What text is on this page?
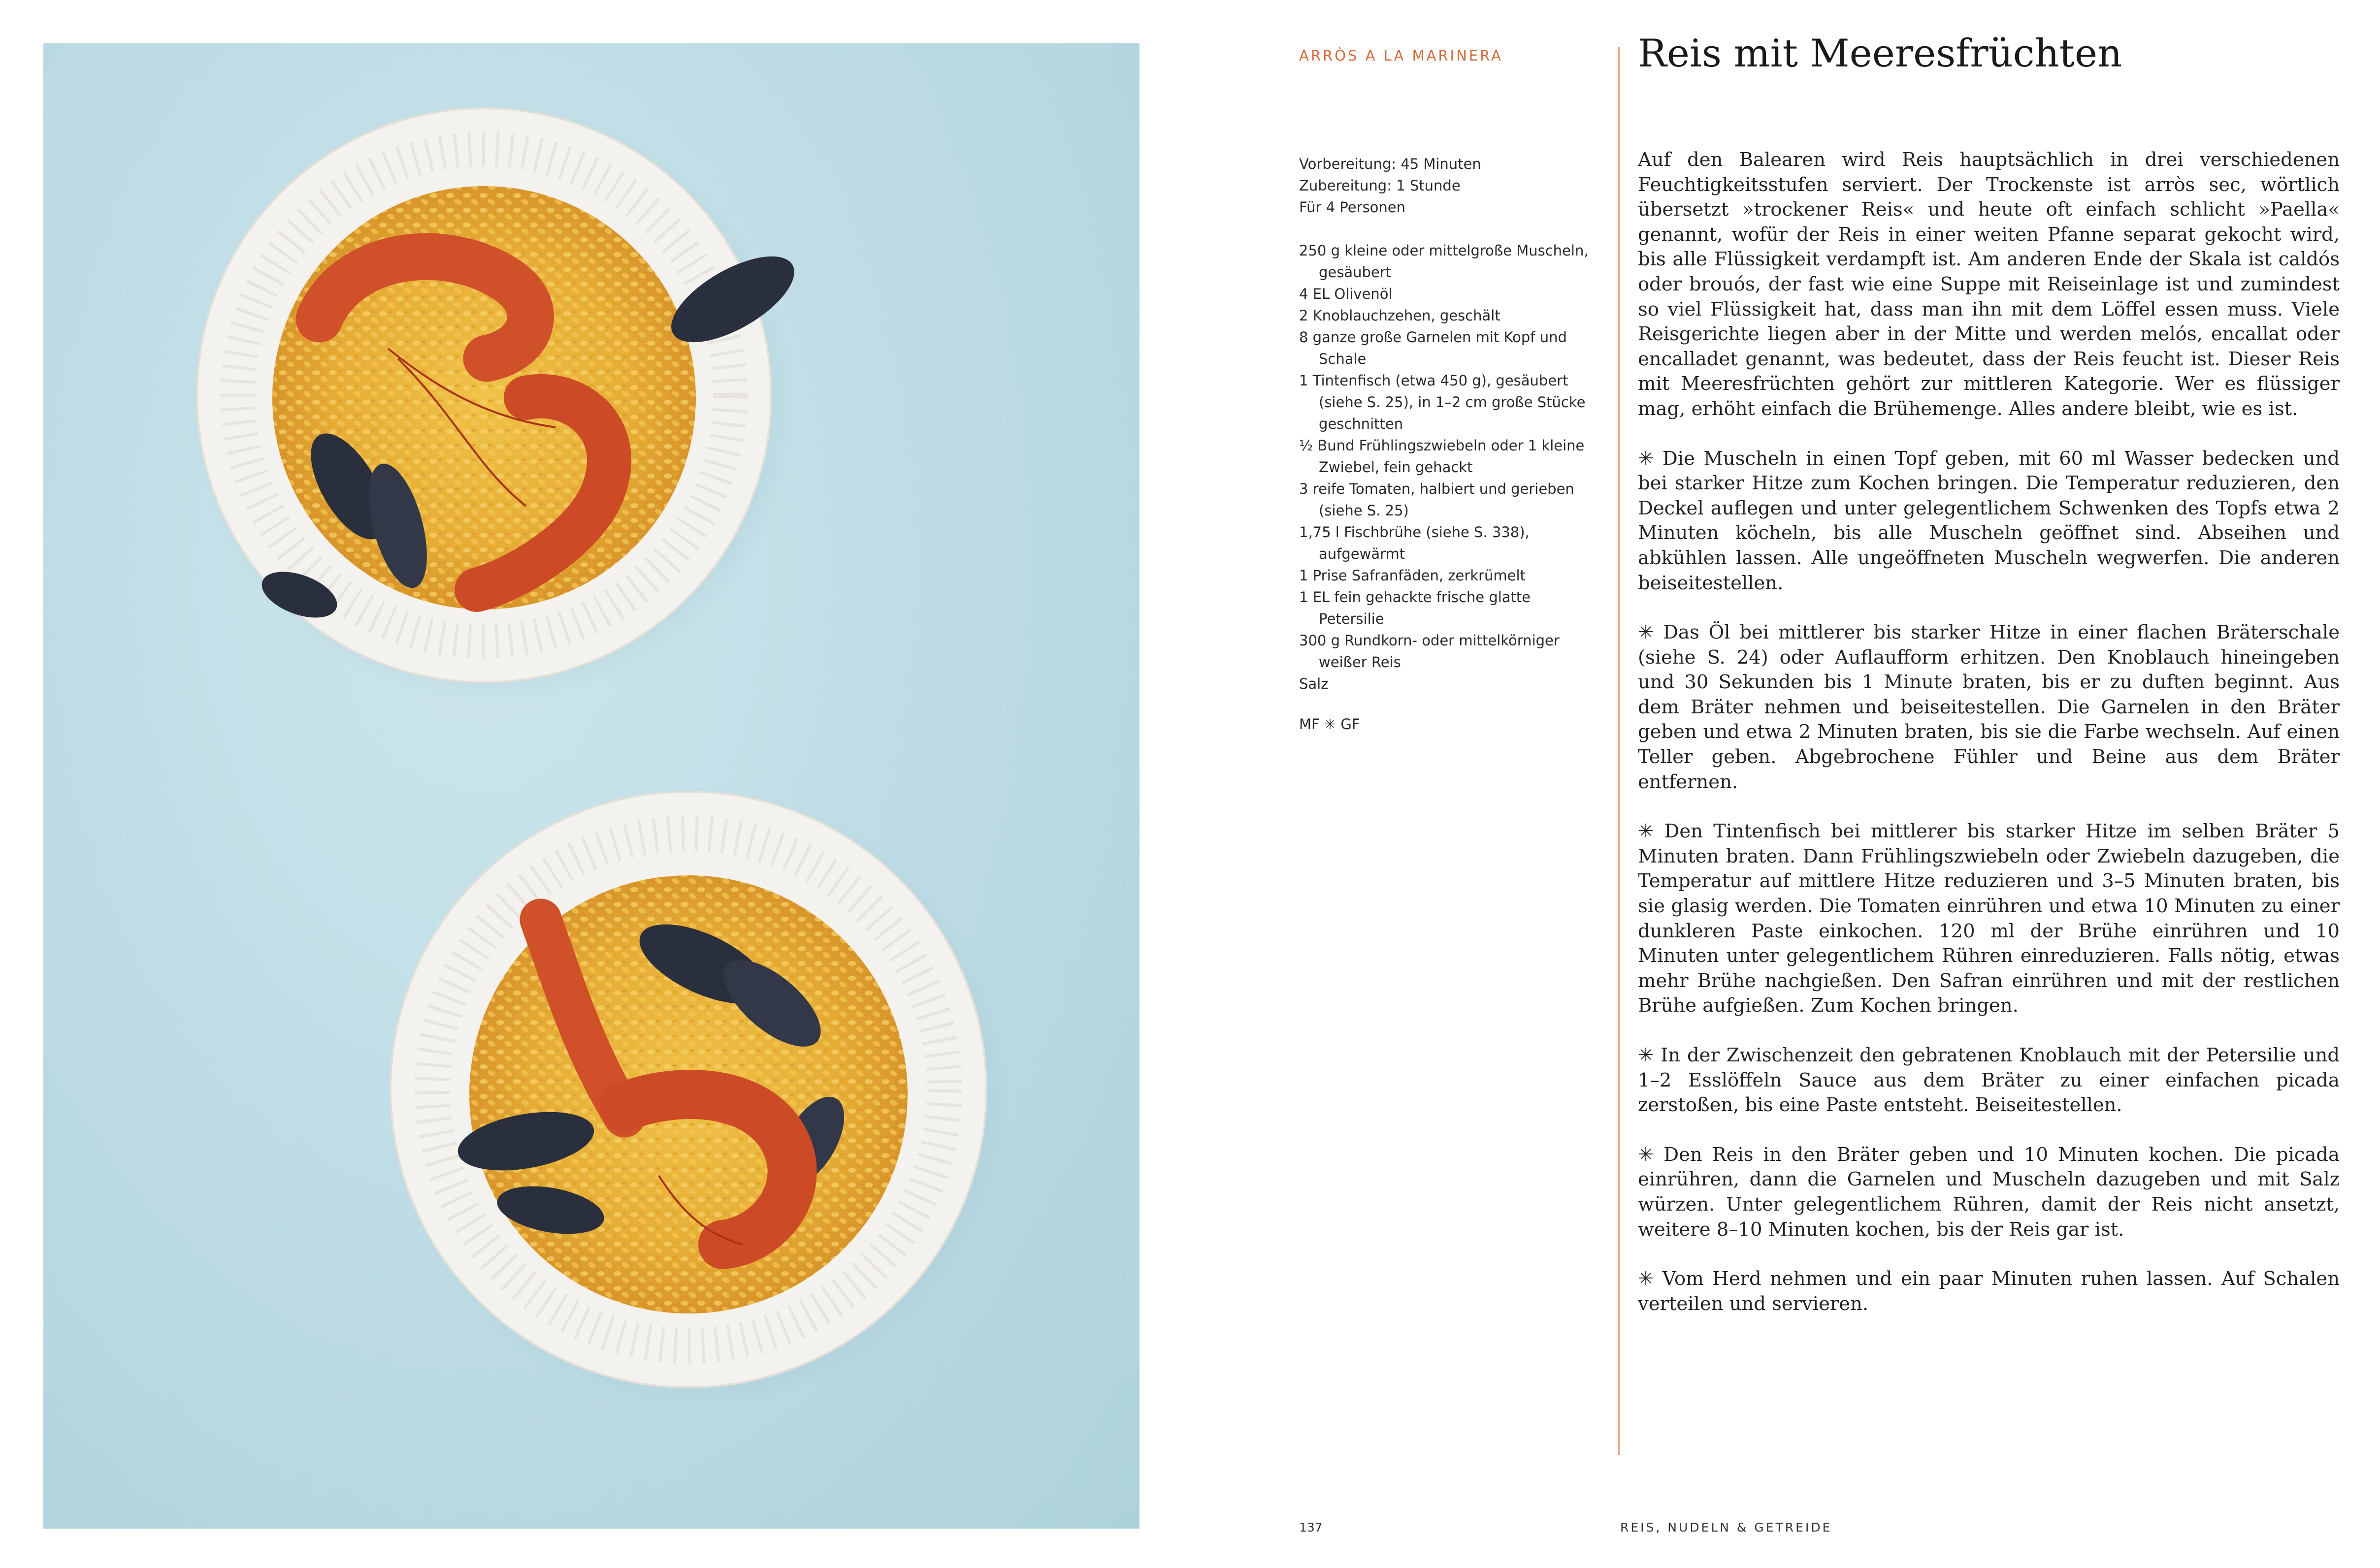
ARRÒS A LA MARINERA	Reis mit Meeresfrüchten
Vorbereitung: 45 Minuten
Zubereitung: 1 Stunde
Für 4 Personen
250 g kleine oder mittelgroße Muscheln, gesäubert
4 EL Olivenöl
2 Knoblauchzehen, geschält
8 ganze große Garnelen mit Kopf und Schale
1 Tintenfisch (etwa 450 g), gesäubert (siehe S. 25), in 1–2 cm große Stücke geschnitten
½ Bund Frühlingszwiebeln oder 1 kleine Zwiebel, fein gehackt
3 reife Tomaten, halbiert und gerieben (siehe S. 25)
1,75 l Fischbrühe (siehe S. 338), aufgewärmt
1 Prise Safranfäden, zerkrümelt
1 EL fein gehackte frische glatte Petersilie
300 g Rundkorn- oder mittelkörniger weißer Reis
Salz
MF ✳ GF

Auf den Balearen wird Reis hauptsächlich in drei verschiedenen Feuchtigkeitsstufen serviert. Der Trockenste ist arròs sec, wörtlich übersetzt »trockener Reis« und heute oft einfach schlicht »Paella« genannt, wofür der Reis in einer weiten Pfanne separat gekocht wird, bis alle Flüssigkeit verdampft ist. Am anderen Ende der Skala ist caldós oder brouós, der fast wie eine Suppe mit Reiseinlage ist und zumindest so viel Flüssigkeit hat, dass man ihn mit dem Löffel essen muss. Viele Reisgerichte liegen aber in der Mitte und werden melós, encallat oder encalladet genannt, was bedeutet, dass der Reis feucht ist. Dieser Reis mit Meeresfrüchten gehört zur mittleren Kategorie. Wer es flüssiger mag, erhöht einfach die Brühemenge. Alles andere bleibt, wie es ist.

✳ Die Muscheln in einen Topf geben, mit 60 ml Wasser bedecken und bei starker Hitze zum Kochen bringen. Die Temperatur reduzieren, den Deckel auflegen und unter gelegentlichem Schwenken des Topfs etwa 2 Minuten köcheln, bis alle Muscheln geöffnet sind. Abseihen und abkühlen lassen. Alle ungeöffneten Muscheln wegwerfen. Die anderen beiseitestellen.

✳ Das Öl bei mittlerer bis starker Hitze in einer flachen Bräterschale (siehe S. 24) oder Auflaufform erhitzen. Den Knoblauch hineingeben und 30 Sekunden bis 1 Minute braten, bis er zu duften beginnt. Aus dem Bräter nehmen und beiseitestellen. Die Garnelen in den Bräter geben und etwa 2 Minuten braten, bis sie die Farbe wechseln. Auf einen Teller geben. Abgebrochene Fühler und Beine aus dem Bräter entfernen.

✳ Den Tintenfisch bei mittlerer bis starker Hitze im selben Bräter 5 Minuten braten. Dann Frühlingszwiebeln oder Zwiebeln dazugeben, die Temperatur auf mittlere Hitze reduzieren und 3–5 Minuten braten, bis sie glasig werden. Die Tomaten einrühren und etwa 10 Minuten zu einer dunkleren Paste einkochen. 120 ml der Brühe einrühren und 10 Minuten unter gelegentlichem Rühren einreduzieren. Falls nötig, etwas mehr Brühe nachgießen. Den Safran einrühren und mit der restlichen Brühe aufgießen. Zum Kochen bringen.

✳ In der Zwischenzeit den gebratenen Knoblauch mit der Petersilie und 1–2 Esslöffeln Sauce aus dem Bräter zu einer einfachen picada zerstoßen, bis eine Paste entsteht. Beiseitestellen.

✳ Den Reis in den Bräter geben und 10 Minuten kochen. Die picada einrühren, dann die Garnelen und Muscheln dazugeben und mit Salz würzen. Unter gelegentlichem Rühren, damit der Reis nicht ansetzt, weitere 8–10 Minuten kochen, bis der Reis gar ist.

✳ Vom Herd nehmen und ein paar Minuten ruhen lassen. Auf Schalen verteilen und servieren.

137	REIS, NUDELN & GETREIDE
